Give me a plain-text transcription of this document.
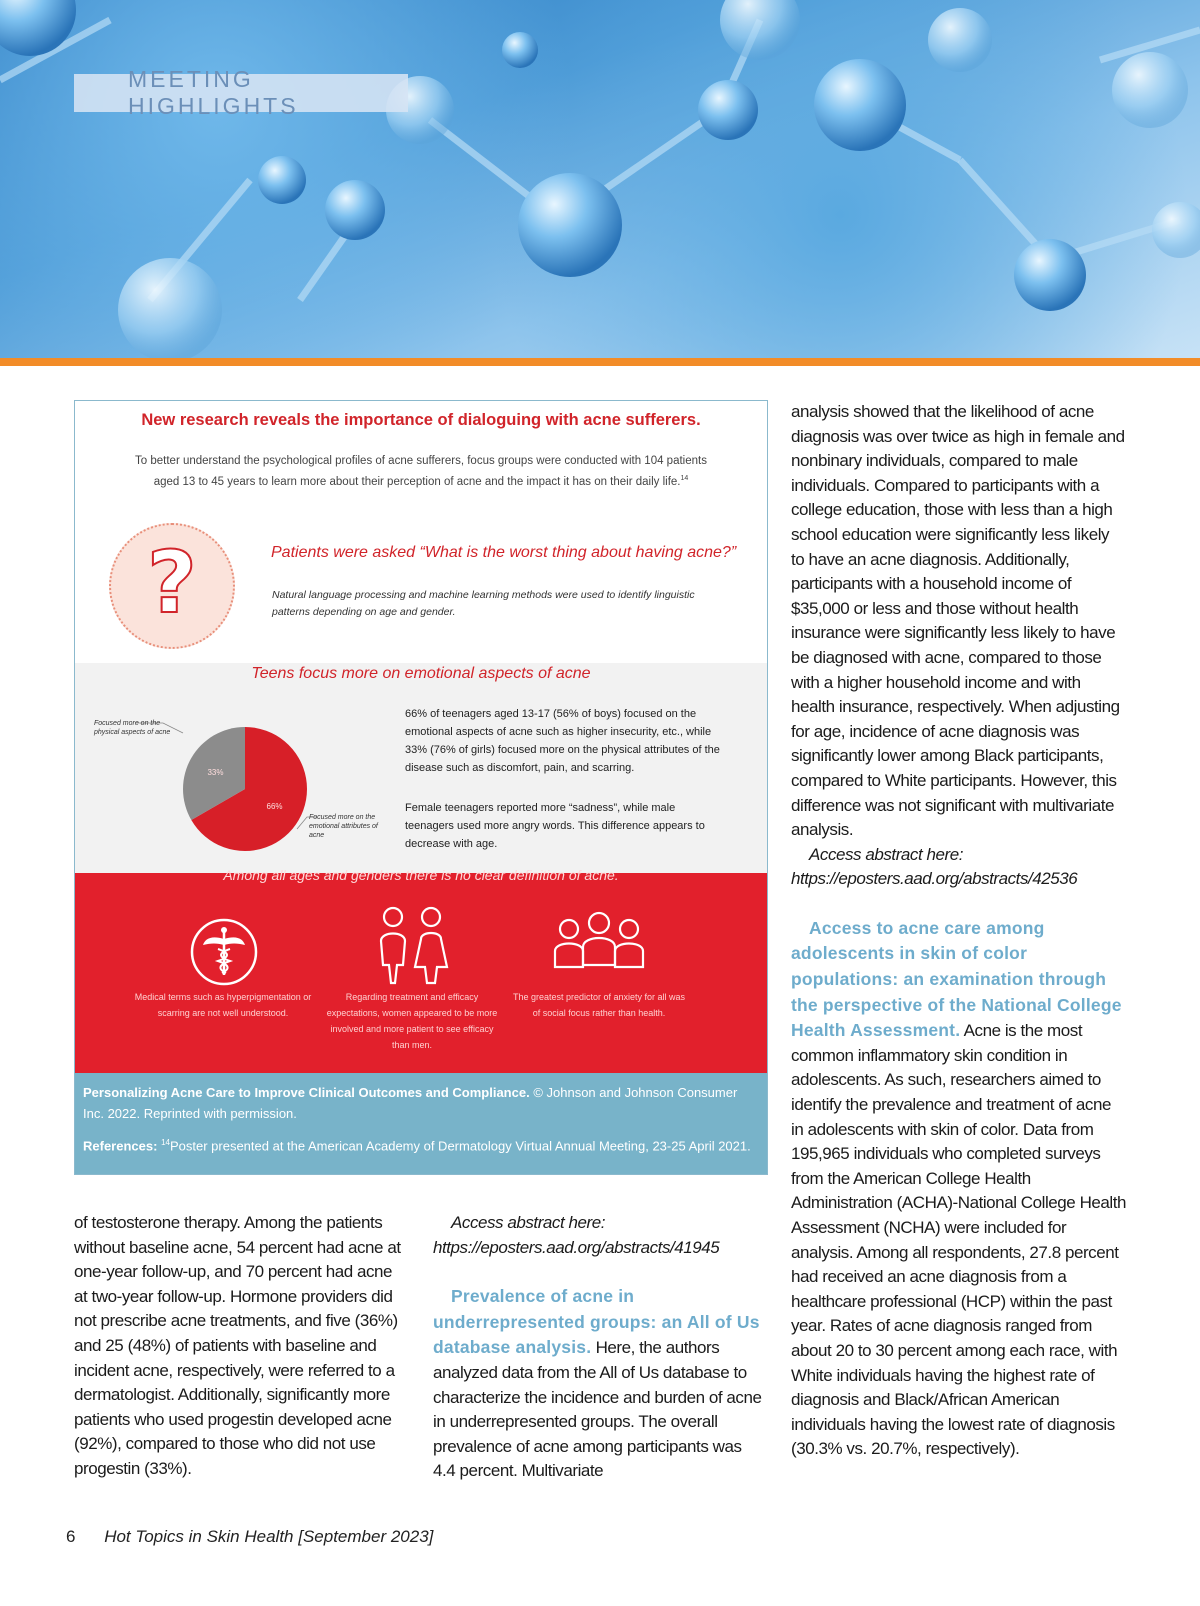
MEETING HIGHLIGHTS
New research reveals the importance of dialoguing with acne sufferers.
To better understand the psychological profiles of acne sufferers, focus groups were conducted with 104 patients aged 13 to 45 years to learn more about their perception of acne and the impact it has on their daily life.$^{14}$
?	Patients were asked “What is the worst thing about having acne?”
Natural language processing and machine learning methods were used to identify linguistic patterns depending on age and gender.
Teens focus more on emotional aspects of acne
66%
33%
Focused more on the physical aspects of acne
Focused more on the emotional attributes of acne
66% of teenagers aged 13-17 (56% of boys) focused on the emotional aspects of acne such as higher insecurity, etc., while 33% (76% of girls) focused more on the physical attributes of the disease such as discomfort, pain, and scarring.
Female teenagers reported more “sadness”, while male teenagers used more angry words. This difference appears to decrease with age.
Among all ages and genders there is no clear definition of acne.
Medical terms such as hyperpigmentation or scarring are not well understood.
Regarding treatment and efficacy expectations, women appeared to be more involved and more patient to see efficacy than men.
The greatest predictor of anxiety for all was of social focus rather than health.
Personalizing Acne Care to Improve Clinical Outcomes and Compliance. © Johnson and Johnson Consumer Inc. 2022. Reprinted with permission.
References: $^{14}$Poster presented at the American Academy of Dermatology Virtual Annual Meeting, 23-25 April 2021.

of testosterone therapy. Among the patients without baseline acne, 54 percent had acne at one-year follow-up, and 70 percent had acne at two-year follow-up. Hormone providers did not prescribe acne treatments, and five (36%) and 25 (48%) of patients with baseline and incident acne, respectively, were referred to a dermatologist. Additionally, significantly more patients who used progestin developed acne (92%), compared to those who did not use progestin (33%).

Access abstract here: https://eposters.aad.org/abstracts/41945

Prevalence of acne in underrepresented groups: an All of Us database analysis. Here, the authors analyzed data from the All of Us database to characterize the incidence and burden of acne in underrepresented groups. The overall prevalence of acne among participants was 4.4 percent. Multivariate

analysis showed that the likelihood of acne diagnosis was over twice as high in female and nonbinary individuals, compared to male individuals. Compared to participants with a college education, those with less than a high school education were significantly less likely to have an acne diagnosis. Additionally, participants with a household income of $35,000 or less and those without health insurance were significantly less likely to have be diagnosed with acne, compared to those with a higher household income and with health insurance, respectively. When adjusting for age, incidence of acne diagnosis was significantly lower among Black participants, compared to White participants. However, this difference was not significant with multivariate analysis.

Access abstract here: https://eposters.aad.org/abstracts/42536

Access to acne care among adolescents in skin of color populations: an examination through the perspective of the National College Health Assessment. Acne is the most common inflammatory skin condition in adolescents. As such, researchers aimed to identify the prevalence and treatment of acne in adolescents with skin of color. Data from 195,965 individuals who completed surveys from the American College Health Administration (ACHA)-National College Health Assessment (NCHA) were included for analysis. Among all respondents, 27.8 percent had received an acne diagnosis from a healthcare professional (HCP) within the past year. Rates of acne diagnosis ranged from about 20 to 30 percent among each race, with White individuals having the highest rate of diagnosis and Black/African American individuals having the lowest rate of diagnosis (30.3% vs. 20.7%, respectively).

6 Hot Topics in Skin Health [September 2023]
